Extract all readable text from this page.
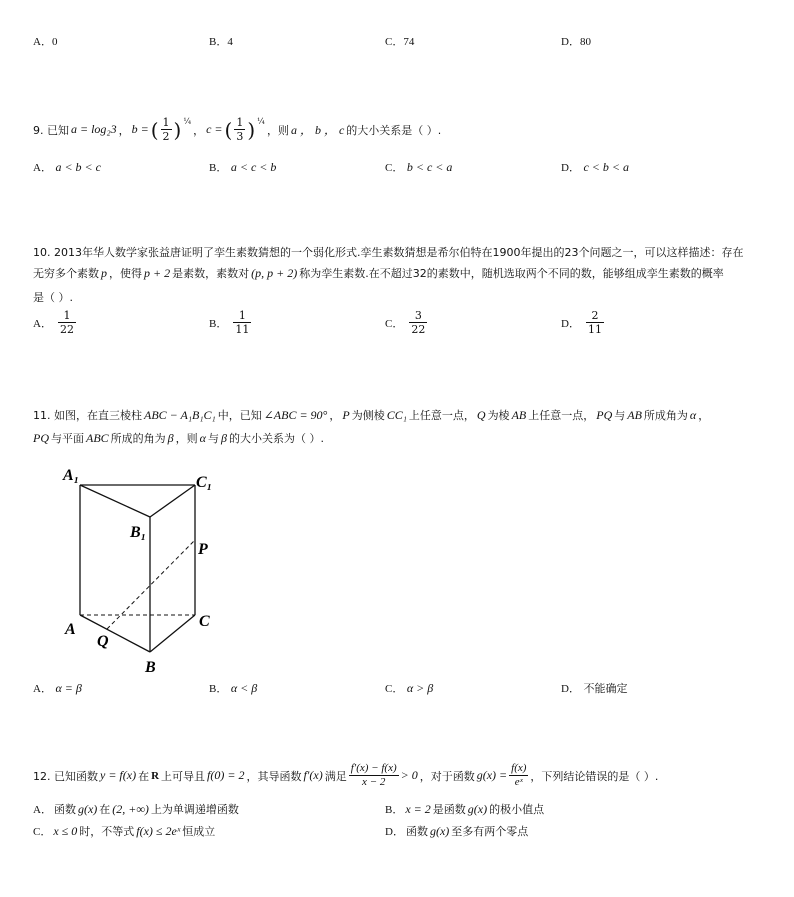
A．0	B．4	C．74	D．80
9. 已知 a = log₂3 ， b = ( $\frac{1}{2}$ ) $^{\frac{1}{4}}$
， c = ( $\frac{1}{3}$ ) $^{\frac{1}{4}}$
，则 a ， b ， c 的大小关系是（ ）.
A． a < b < c	B． a < c < b	C． b < c < a	D． c < b < a
10. 2013年华人数学家张益唐证明了孪生素数猜想的一个弱化形式.孪生素数猜想是希尔伯特在1900年提出的23个问题之一，可以这样描述：存在
无穷多个素数 p ，使得 p + 2 是素数，素数对 (p, p + 2) 称为孪生素数.在不超过32的素数中，随机选取两个不同的数，能够组成孪生素数的概率
是（ ）.
A． $\frac{1}{22}$	B． $\frac{1}{11}$	C． $\frac{3}{22}$	D． $\frac{2}{11}$
11. 如图，在直三棱柱 ABC − A₁B₁C₁ 中，已知 ∠ABC = 90° ， P 为侧棱 CC₁ 上任意一点， Q 为棱 AB 上任意一点， PQ 与 AB 所成角为 α ，
PQ 与平面 ABC 所成的角为 β ，则 α 与 β 的大小关系为（ ）.
A₁	C₁
B₁
P
A	C
Q
B
A． α = β	B． α < β	C． α > β	D． 不能确定
12. 已知函数 y = f(x) 在 R 上可导且 f(0) = 2 ，其导函数 f′(x) 满足 $\frac{f'(x) - f(x)}{x - 2} > 0$ ，对于函数 $g(x) = \frac{f(x)}{\text{eˣ}}$ ，下列结论错误的是（ ）.
A． 函数 g(x) 在 (2, +∞) 上为单调递增函数	B． x = 2 是函数 g(x) 的极小值点
C． x ≤ 0 时，不等式 f(x) ≤ 2eˣ 恒成立	D． 函数 g(x) 至多有两个零点
